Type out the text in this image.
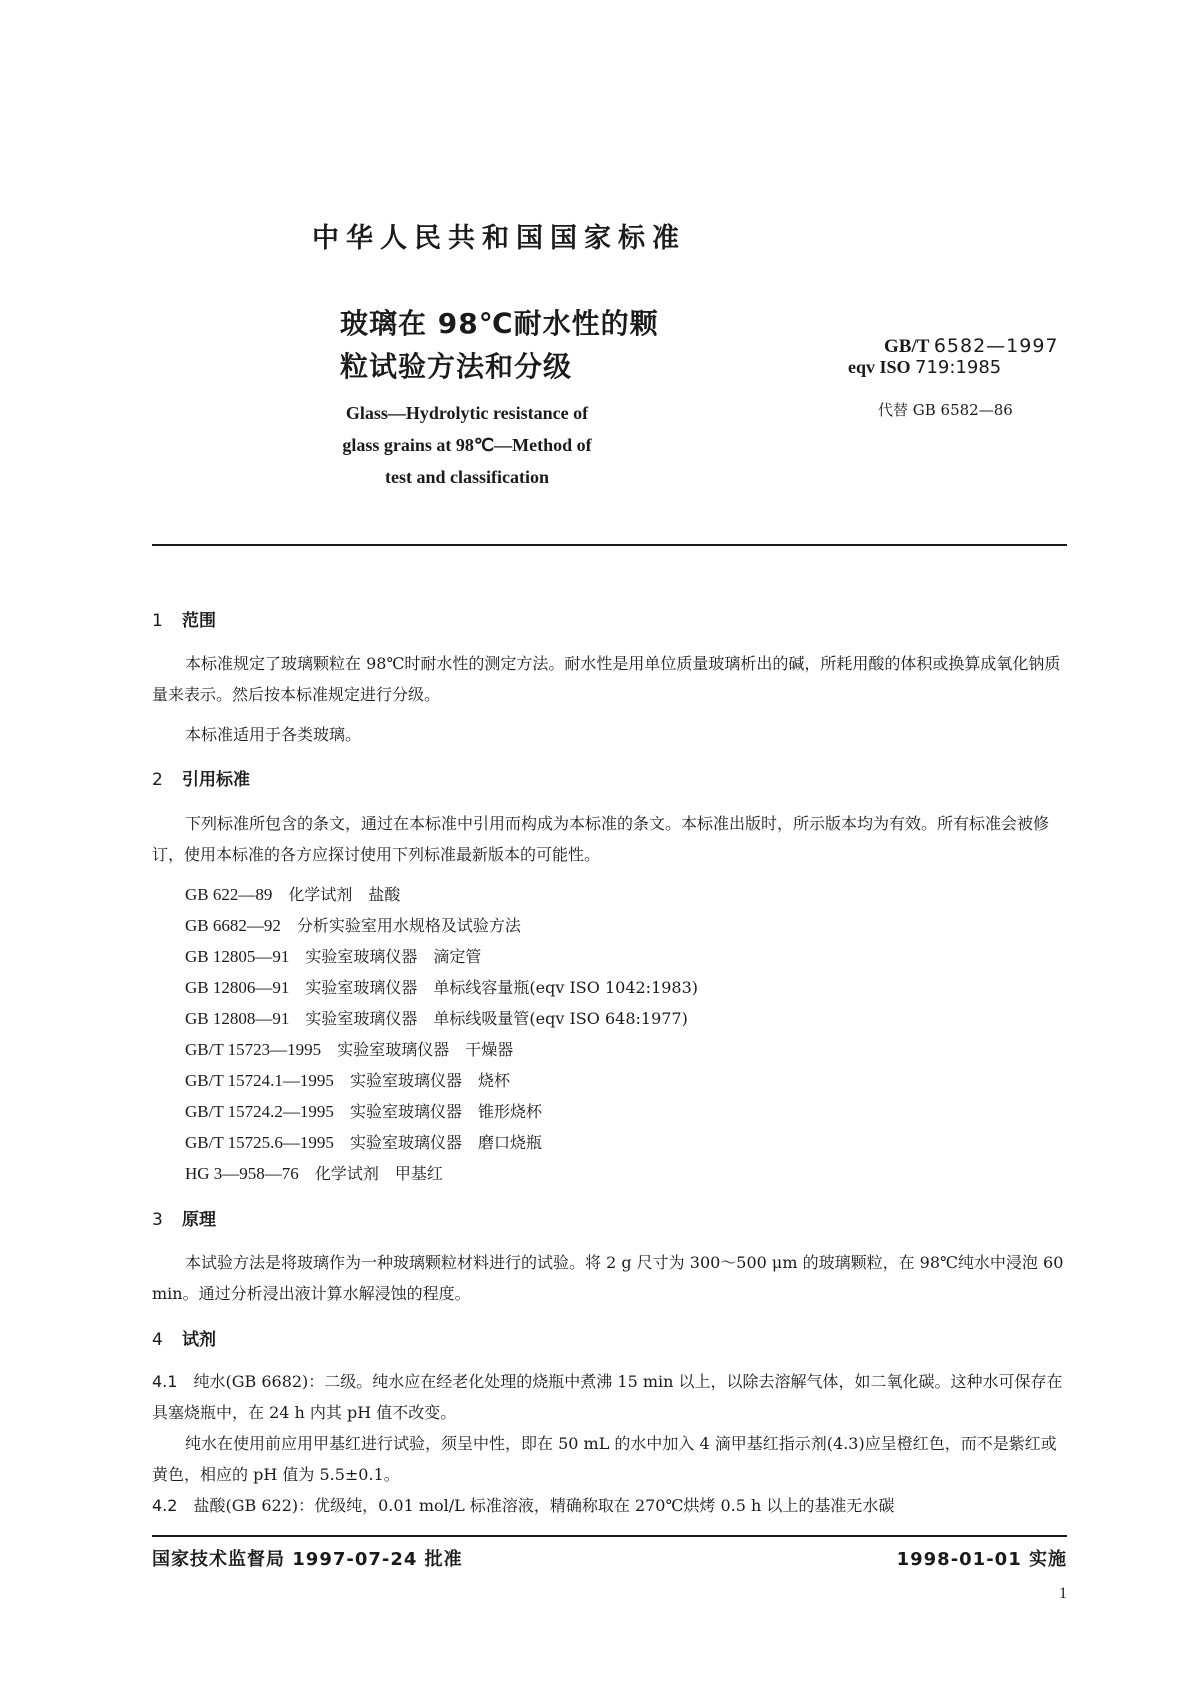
中华人民共和国国家标准
玻璃在 98℃耐水性的颗
粒试验方法和分级
GB/T 6582—1997
eqv ISO 719:1985
代替 GB 6582—86
Glass—Hydrolytic resistance of
glass grains at 98℃—Method of
test and classification
1 范围
本标准规定了玻璃颗粒在 98℃时耐水性的测定方法。耐水性是用单位质量玻璃析出的碱，所耗用酸的体积或换算成氧化钠质量来表示。然后按本标准规定进行分级。
本标准适用于各类玻璃。
2 引用标准
下列标准所包含的条文，通过在本标准中引用而构成为本标准的条文。本标准出版时，所示版本均为有效。所有标准会被修订，使用本标准的各方应探讨使用下列标准最新版本的可能性。
GB 622—89　 化学试剂　盐酸
GB 6682—92　 分析实验室用水规格及试验方法
GB 12805—91　 实验室玻璃仪器　滴定管
GB 12806—91　 实验室玻璃仪器　单标线容量瓶(eqv ISO 1042:1983)
GB 12808—91　 实验室玻璃仪器　单标线吸量管(eqv ISO 648:1977)
GB/T 15723—1995　 实验室玻璃仪器　干燥器
GB/T 15724.1—1995　 实验室玻璃仪器　烧杯
GB/T 15724.2—1995　 实验室玻璃仪器　锥形烧杯
GB/T 15725.6—1995　 实验室玻璃仪器　磨口烧瓶
HG 3—958—76　 化学试剂　甲基红
3 原理
本试验方法是将玻璃作为一种玻璃颗粒材料进行的试验。将 2 g 尺寸为 300～500 μm 的玻璃颗粒，在 98℃纯水中浸泡 60 min。通过分析浸出液计算水解浸蚀的程度。
4 试剂
4.1　 纯水(GB 6682)：二级。纯水应在经老化处理的烧瓶中煮沸 15 min 以上，以除去溶解气体，如二氧化碳。这种水可保存在具塞烧瓶中，在 24 h 内其 pH 值不改变。
纯水在使用前应用甲基红进行试验，须呈中性，即在 50 mL 的水中加入 4 滴甲基红指示剂(4.3)应呈橙红色，而不是紫红或黄色，相应的 pH 值为 5.5±0.1。
4.2　 盐酸(GB 622)：优级纯，0.01 mol/L 标准溶液，精确称取在 270℃烘烤 0.5 h 以上的基准无水碳
国家技术监督局 1997-07-24 批准	1998-01-01 实施
1
